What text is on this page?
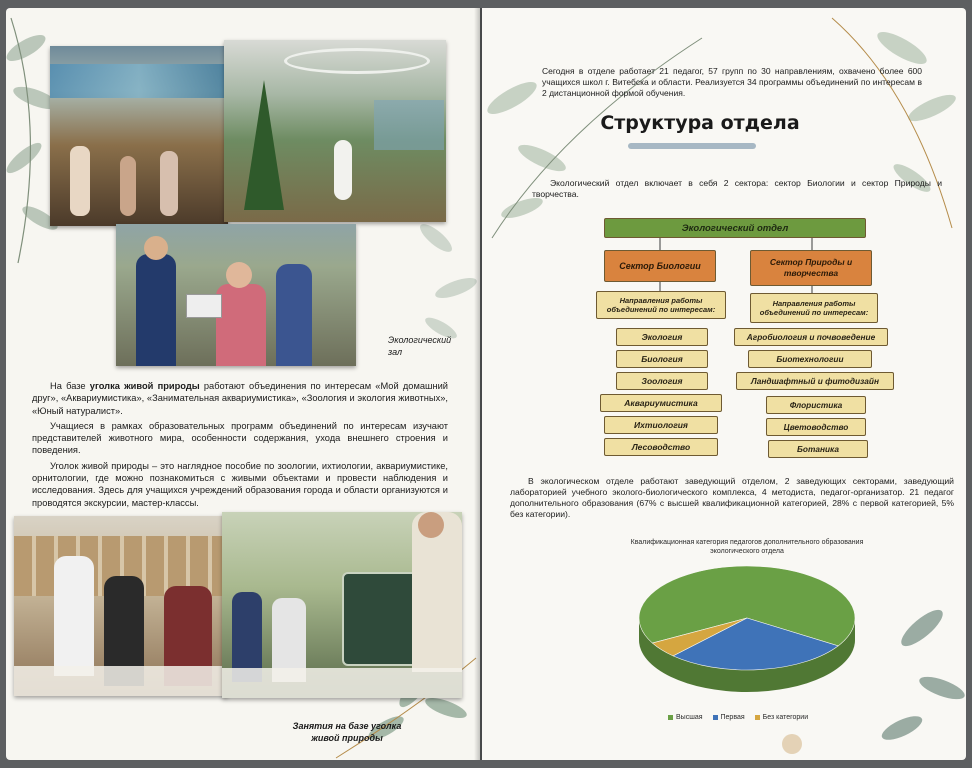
Экологический зал

На базе уголка живой природы работают объединения по интересам «Мой домашний друг», «Аквариумистика», «Занимательная аквариумистика», «Зоология и экология животных», «Юный натуралист».

Учащиеся в рамках образовательных программ объединений по интересам изучают представителей животного мира, особенности содержания, ухода внешнего строения и поведения.

Уголок живой природы – это наглядное пособие по зоологии, ихтиологии, аквариумистике, орнитологии, где можно познакомиться с живыми объектами и провести наблюдения и исследования. Здесь для учащихся учреждений образования города и области организуются и проводятся экскурсии, мастер-классы.

Занятия на базе уголка живой природы
Сегодня в отделе работает 21 педагог, 57 групп по 30 направлениям, охвачено более 600 учащихся школ г. Витебска и области. Реализуется 34 программы объединений по интересам в 2 дистанционной формой обучения.
Структура отдела
Экологический отдел включает в себя 2 сектора: сектор Биологии и сектор Природы и творчества.
Экологический отдел
Сектор Биологии	Сектор Природы и творчества
Направления работы объединений по интересам:
Направления работы объединений по интересам:
Экология
Биология
Зоология
Аквариумистика
Ихтиология
Лесоводство
Агробиология и почвоведение
Биотехнологии
Ландшафтный и фитодизайн
Флористика
Цветоводство
Ботаника
В экологическом отделе работают заведующий отделом, 2 заведующих секторами, заведующий лабораторией учебного эколого-биологического комплекса, 4 методиста, педагог-организатор. 21 педагог дополнительного образования (67% с высшей квалификационной категорией, 28% с первой категорией, 5% без категории).
Квалификационная категория педагогов дополнительного образования экологического отдела
Высшая	Первая	Без категории
